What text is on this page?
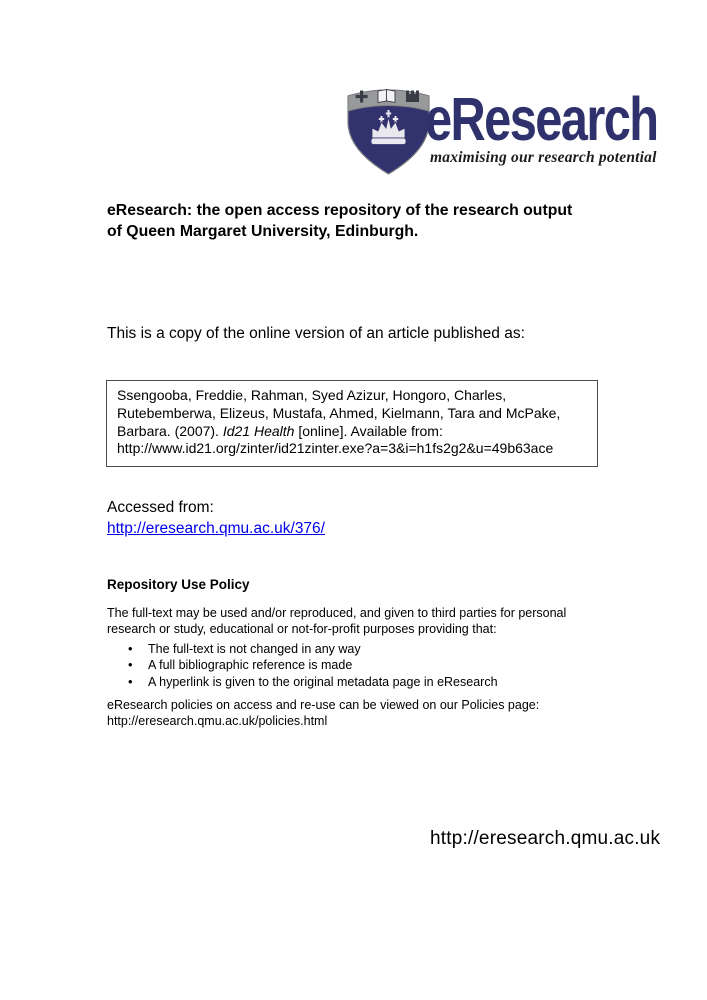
eResearch
maximising our research potential
eResearch: the open access repository of the research output
of Queen Margaret University, Edinburgh.
This is a copy of the online version of an article published as:
Ssengooba, Freddie, Rahman, Syed Azizur, Hongoro, Charles,
Rutebemberwa, Elizeus, Mustafa, Ahmed, Kielmann, Tara and McPake,
Barbara. (2007). Id21 Health [online]. Available from:
http://www.id21.org/zinter/id21zinter.exe?a=3&i=h1fs2g2&u=49b63ace
Accessed from:
http://eresearch.qmu.ac.uk/376/
Repository Use Policy
The full-text may be used and/or reproduced, and given to third parties for personal
research or study, educational or not-for-profit purposes providing that:
• The full-text is not changed in any way
• A full bibliographic reference is made
• A hyperlink is given to the original metadata page in eResearch
eResearch policies on access and re-use can be viewed on our Policies page:
http://eresearch.qmu.ac.uk/policies.html
http://eresearch.qmu.ac.uk
